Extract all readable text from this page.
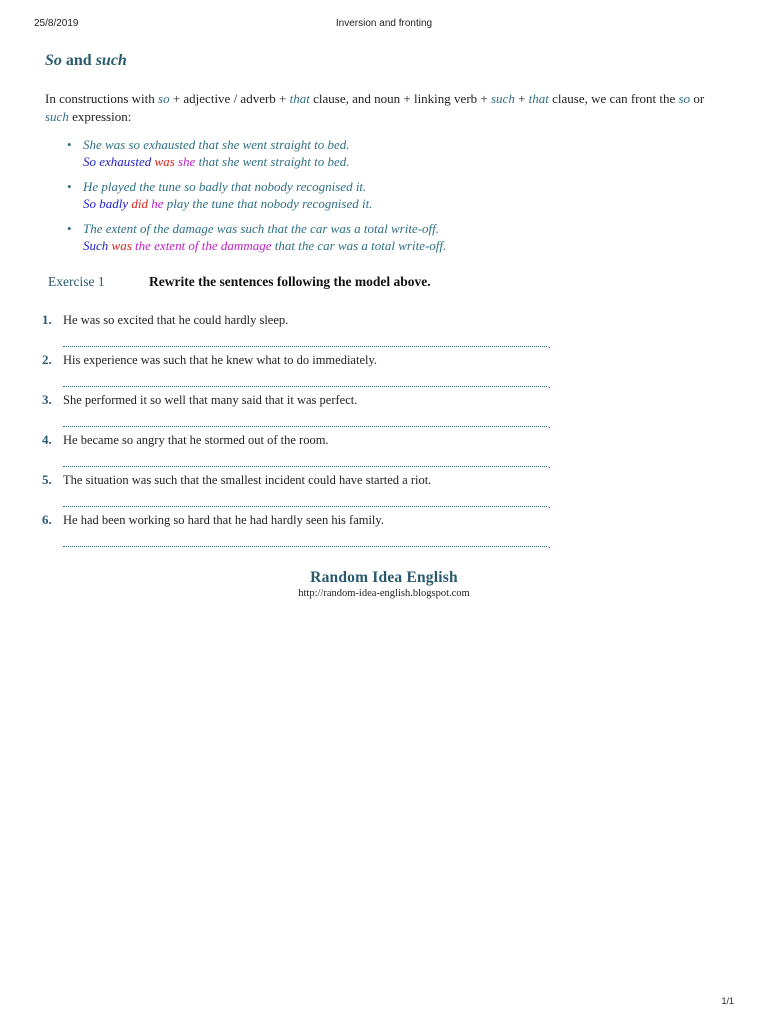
25/8/2019	Inversion and fronting
So and such
In constructions with so + adjective / adverb + that clause, and noun + linking verb + such + that clause, we can front the so or such expression:
• She was so exhausted that she went straight to bed.
So exhausted was she that she went straight to bed.
• He played the tune so badly that nobody recognised it.
So badly did he play the tune that nobody recognised it.
• The extent of the damage was such that the car was a total write-off.
Such was the extent of the dammage that the car was a total write-off.
Exercise 1	Rewrite the sentences following the model above.
1. He was so excited that he could hardly sleep.
.
2. His experience was such that he knew what to do immediately.
.
3. She performed it so well that many said that it was perfect.
.
4. He became so angry that he stormed out of the room.
.
5. The situation was such that the smallest incident could have started a riot.
.
6. He had been working so hard that he had hardly seen his family.
.
Random Idea English
http://random-idea-english.blogspot.com
1/1
